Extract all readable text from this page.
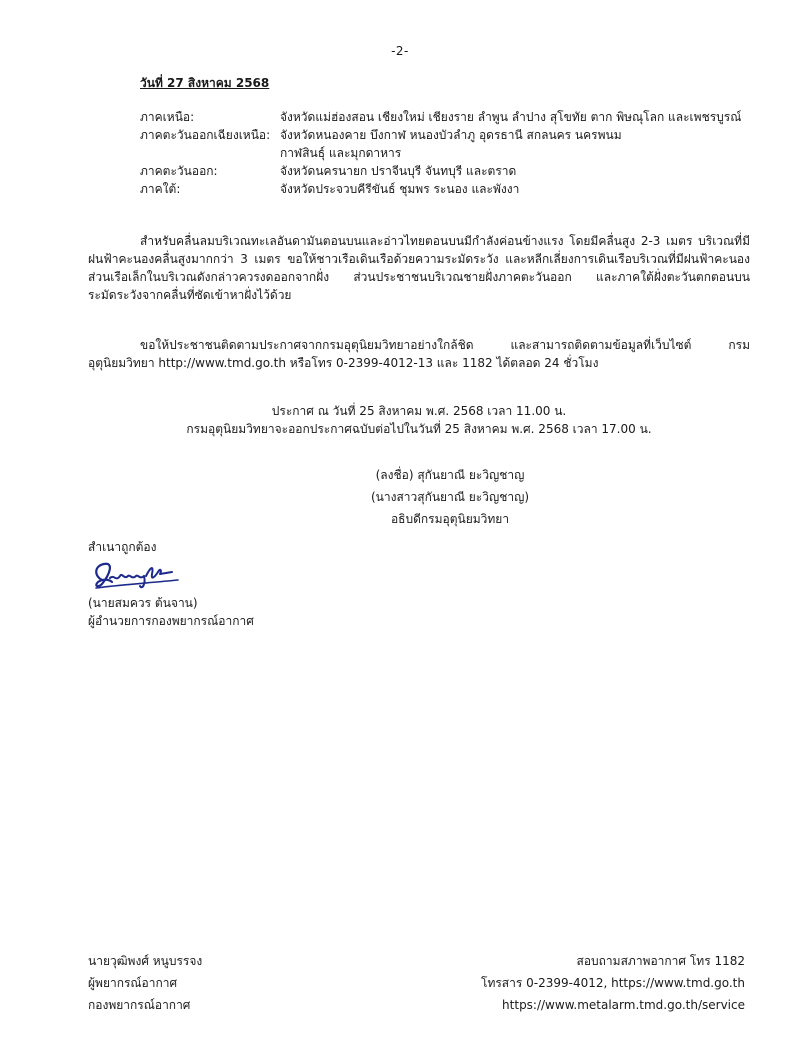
-2-
วันที่ 27 สิงหาคม 2568
ภาคเหนือ:	จังหวัดแม่ฮ่องสอน เชียงใหม่ เชียงราย ลำพูน ลำปาง สุโขทัย ตาก พิษณุโลก และเพชรบูรณ์
ภาคตะวันออกเฉียงเหนือ: จังหวัดหนองคาย บึงกาฬ หนองบัวลำภู อุดรธานี สกลนคร นครพนม
กาฬสินธุ์ และมุกดาหาร
ภาคตะวันออก:	จังหวัดนครนายก ปราจีนบุรี จันทบุรี และตราด
ภาคใต้:	จังหวัดประจวบคีรีขันธ์ ชุมพร ระนอง และพังงา
สำหรับคลื่นลมบริเวณทะเลอันดามันตอนบนและอ่าวไทยตอนบนมีกำลังค่อนข้างแรง โดยมีคลื่นสูง 2-3 เมตร บริเวณที่มีฝนฟ้าคะนองคลื่นสูงมากกว่า 3 เมตร ขอให้ชาวเรือเดินเรือด้วยความระมัดระวัง และหลีกเลี่ยงการเดินเรือบริเวณที่มีฝนฟ้าคะนอง ส่วนเรือเล็กในบริเวณดังกล่าวควรงดออกจากฝั่ง ส่วนประชาชนบริเวณชายฝั่งภาคตะวันออก และภาคใต้ฝั่งตะวันตกตอนบน ระมัดระวังจากคลื่นที่ซัดเข้าหาฝั่งไว้ด้วย
ขอให้ประชาชนติดตามประกาศจากกรมอุตุนิยมวิทยาอย่างใกล้ชิด และสามารถติดตามข้อมูลที่เว็บไซต์ กรมอุตุนิยมวิทยา http://www.tmd.go.th หรือโทร 0-2399-4012-13 และ 1182 ได้ตลอด 24 ชั่วโมง
ประกาศ ณ วันที่ 25 สิงหาคม พ.ศ. 2568 เวลา 11.00 น.
กรมอุตุนิยมวิทยาจะออกประกาศฉบับต่อไปในวันที่ 25 สิงหาคม พ.ศ. 2568 เวลา 17.00 น.
(ลงชื่อ) สุกันยาณี ยะวิญชาญ
(นางสาวสุกันยาณี ยะวิญชาญ)
อธิบดีกรมอุตุนิยมวิทยา
สำเนาถูกต้อง
(นายสมควร ต้นจาน)
ผู้อำนวยการกองพยากรณ์อากาศ
นายวุฒิพงศ์ หนูบรรจง
ผู้พยากรณ์อากาศ
กองพยากรณ์อากาศ
สอบถามสภาพอากาศ โทร 1182
โทรสาร 0-2399-4012, https://www.tmd.go.th
https://www.metalarm.tmd.go.th/service
